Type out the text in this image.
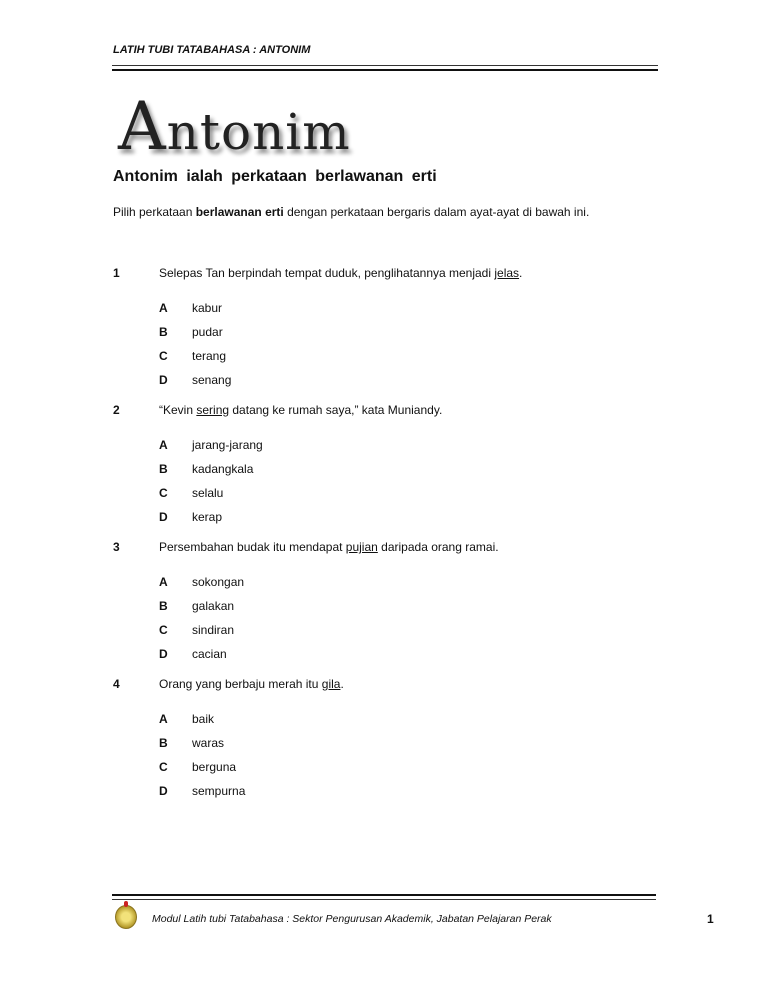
LATIH TUBI TATABAHASA : ANTONIM
Antonim
Antonim ialah perkataan berlawanan erti
Pilih perkataan berlawanan erti dengan perkataan bergaris dalam ayat-ayat di bawah ini.
1	Selepas Tan berpindah tempat duduk, penglihatannya menjadi jelas.
A kabur
B pudar
C terang
D senang
2	“Kevin sering datang ke rumah saya,” kata Muniandy.
A jarang-jarang
B kadangkala
C selalu
D kerap
3	Persembahan budak itu mendapat pujian daripada orang ramai.
A sokongan
B galakan
C sindiran
D cacian
4	Orang yang berbaju merah itu gila.
A baik
B waras
C berguna
D sempurna
Modul Latih tubi Tatabahasa : Sektor Pengurusan Akademik, Jabatan Pelajaran Perak	1
